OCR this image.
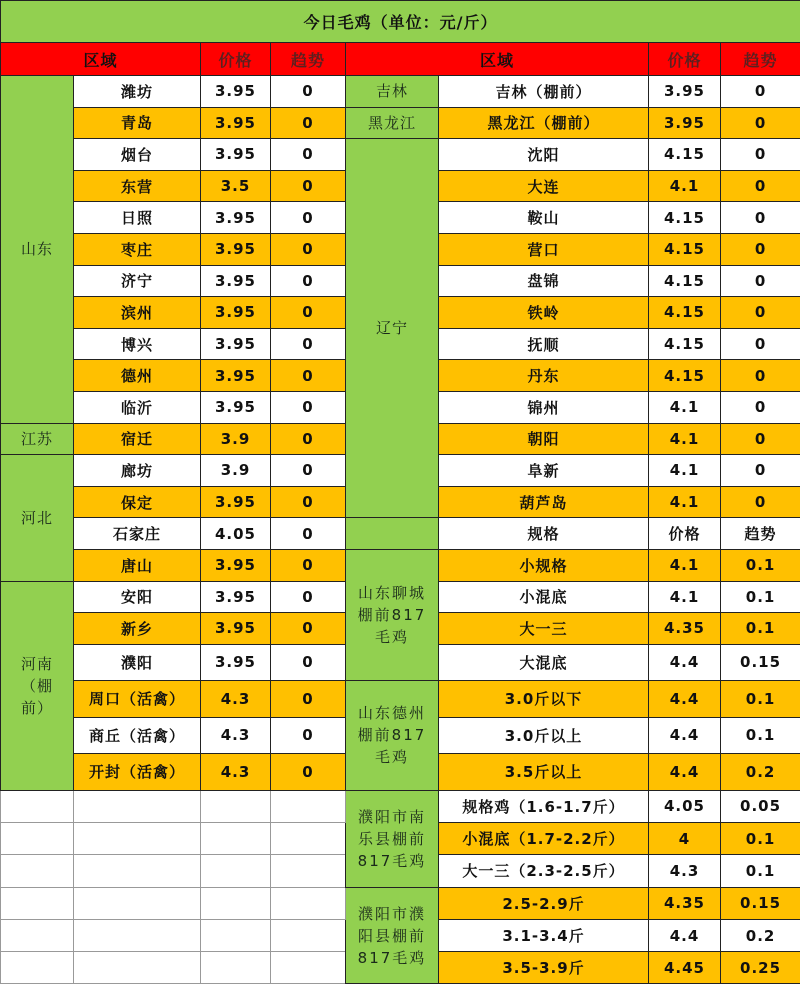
今日毛鸡（单位：元/斤）							
区域		价格	趋势	区域		价格	趋势
山东	潍坊	3.95	0	吉林	吉林（棚前）	3.95	0
	青岛	3.95	0	黑龙江	黑龙江（棚前）	3.95	0
	烟台	3.95	0	辽宁	沈阳	4.15	0
	东营	3.5	0		大连	4.1	0
	日照	3.95	0		鞍山	4.15	0
	枣庄	3.95	0		营口	4.15	0
	济宁	3.95	0		盘锦	4.15	0
	滨州	3.95	0		铁岭	4.15	0
	博兴	3.95	0		抚顺	4.15	0
	德州	3.95	0		丹东	4.15	0
	临沂	3.95	0		锦州	4.1	0
江苏	宿迁	3.9	0		朝阳	4.1	0
河北	廊坊	3.9	0		阜新	4.1	0
	保定	3.95	0		葫芦岛	4.1	0
	石家庄	4.05	0		规格	价格	趋势
	唐山	3.95	0	山东聊城棚前817毛鸡	小规格	4.1	0.1
河南（棚前）	安阳	3.95	0		小混底	4.1	0.1
	新乡	3.95	0		大一三	4.35	0.1
	濮阳	3.95	0		大混底	4.4	0.15
	周口（活禽）	4.3	0	山东德州棚前817毛鸡	3.0斤以下	4.4	0.1
	商丘（活禽）	4.3	0		3.0斤以上	4.4	0.1
	开封（活禽）	4.3	0		3.5斤以上	4.4	0.2
				濮阳市南乐县棚前817毛鸡	规格鸡（1.6-1.7斤）	4.05	0.05
					小混底（1.7-2.2斤）	4	0.1
					大一三（2.3-2.5斤）	4.3	0.1
				濮阳市濮阳县棚前817毛鸡	2.5-2.9斤	4.35	0.15
					3.1-3.4斤	4.4	0.2
					3.5-3.9斤	4.45	0.25
